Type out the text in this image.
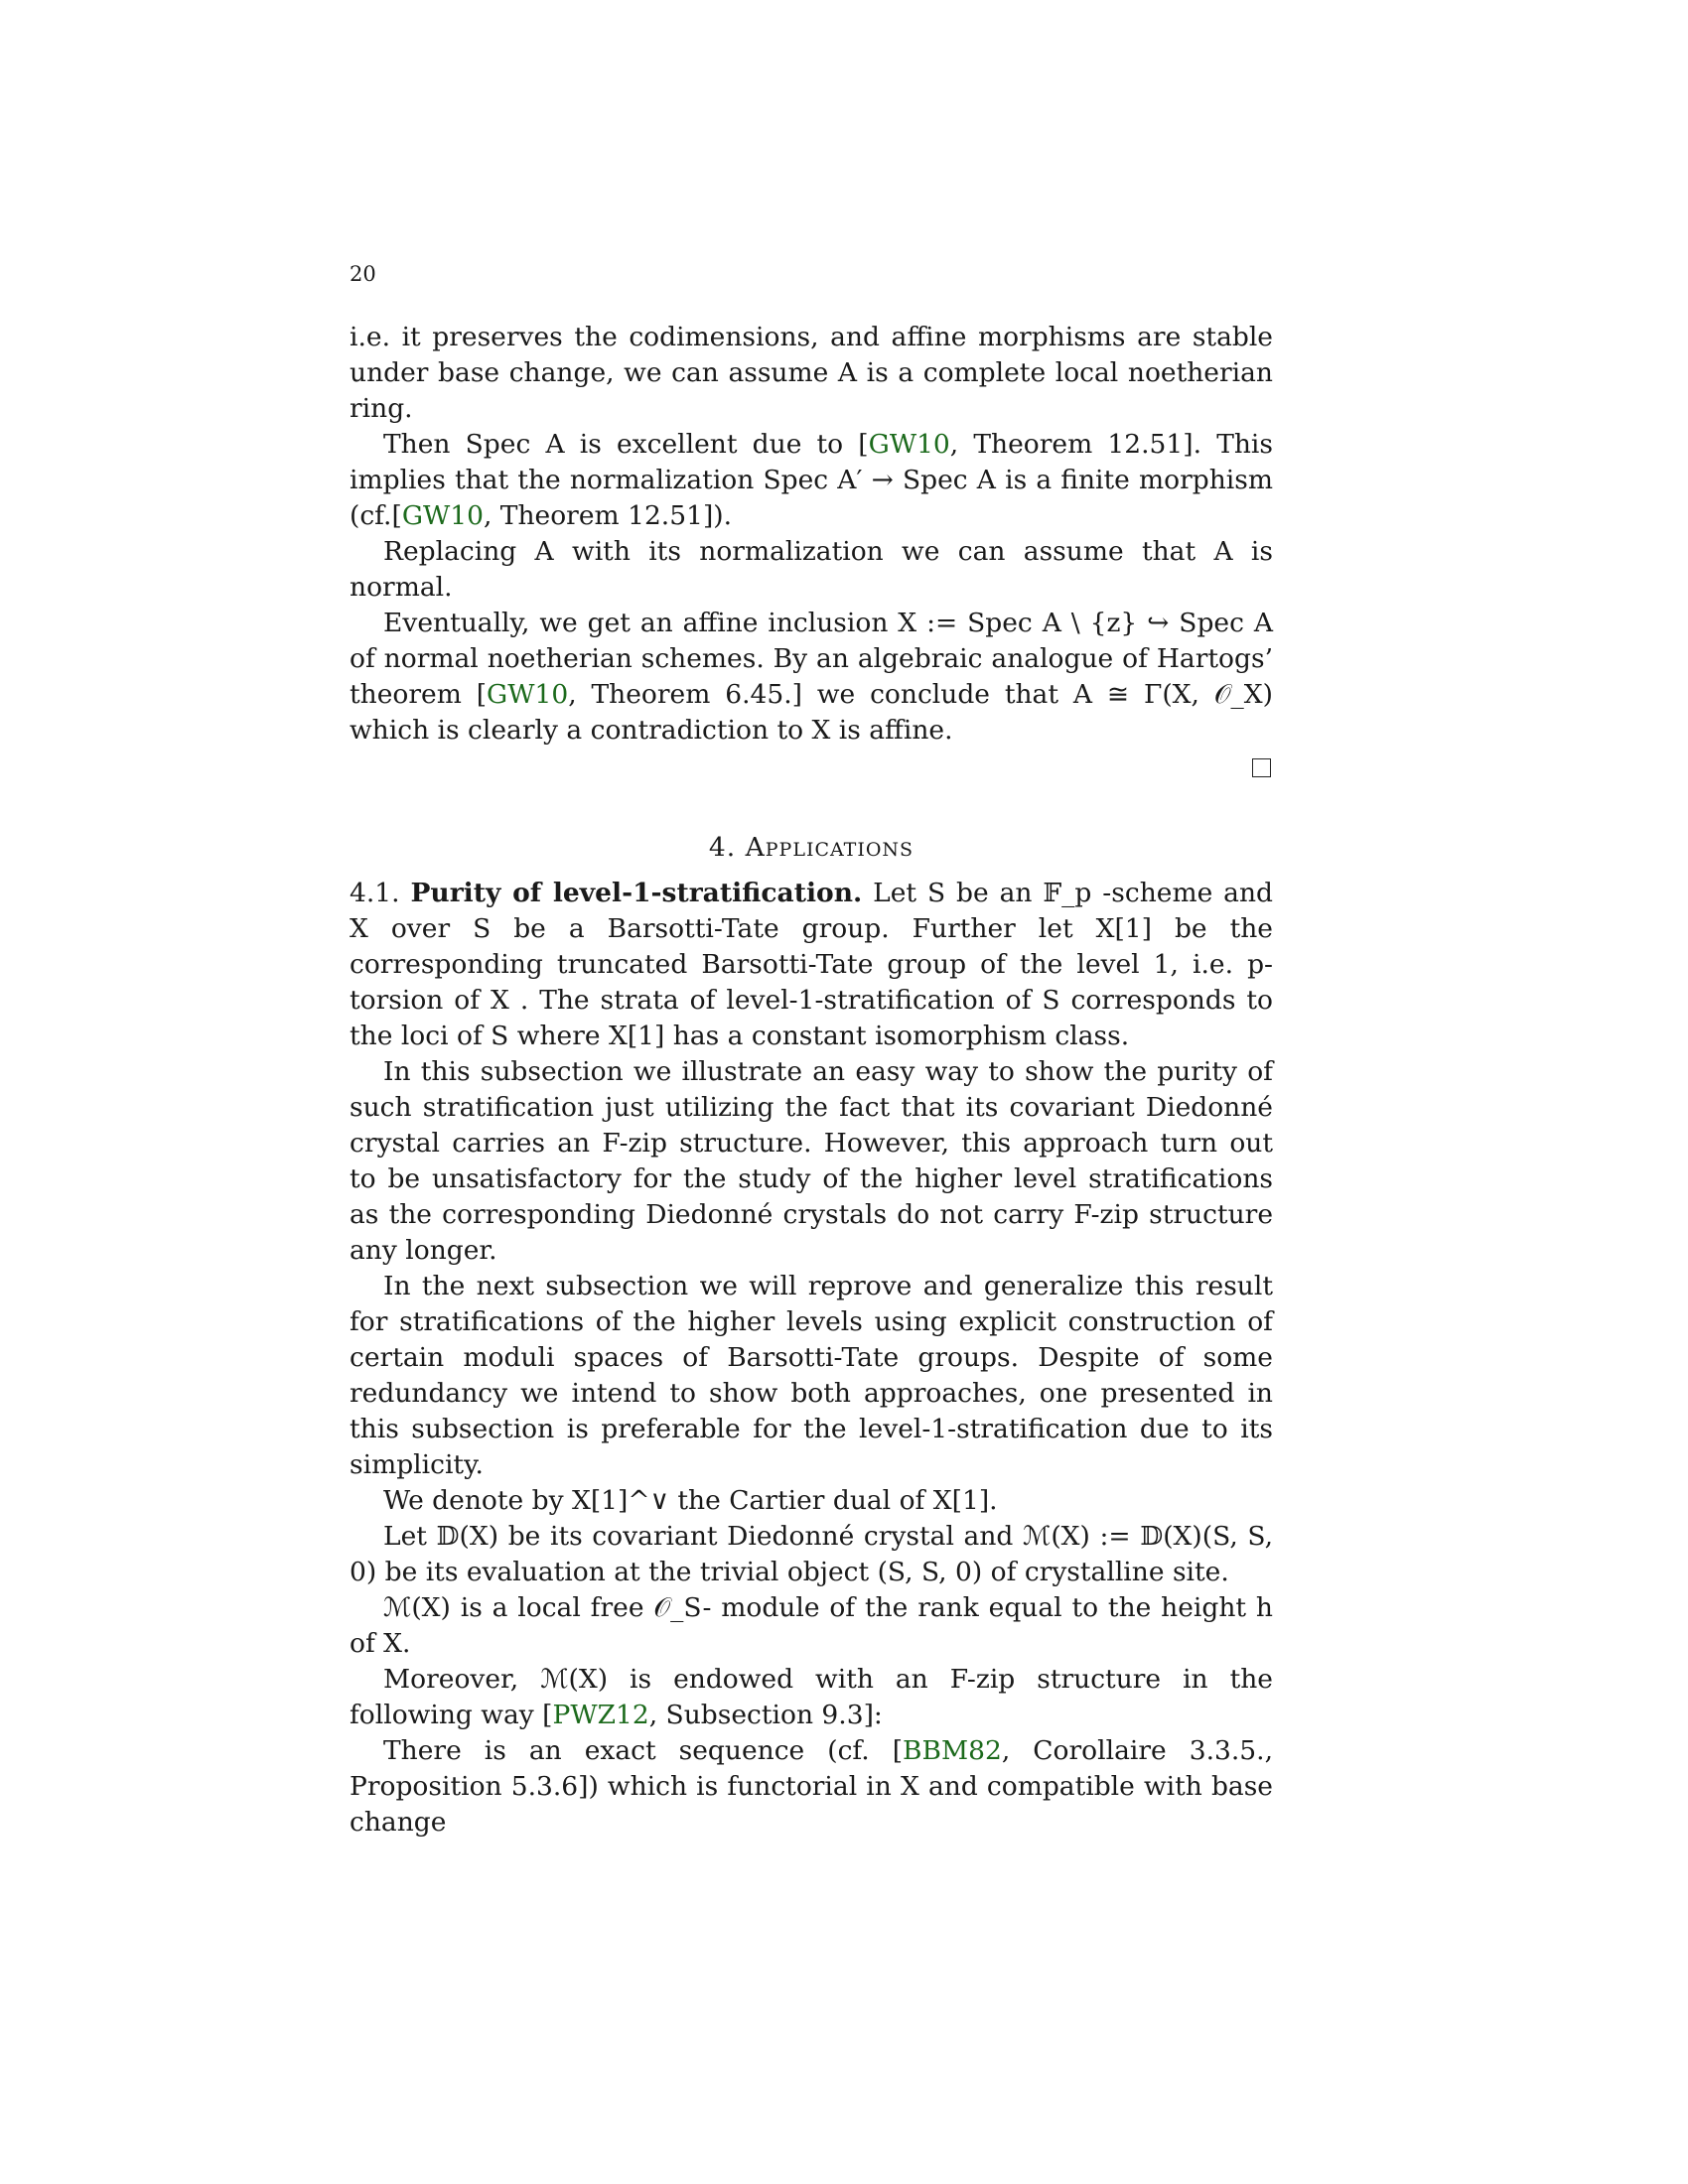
20

i.e. it preserves the codimensions, and affine morphisms are stable under base change, we can assume A is a complete local noetherian ring.

Then Spec A is excellent due to [GW10, Theorem 12.51]. This implies that the normalization Spec A′ → Spec A is a finite morphism (cf.[GW10, Theorem 12.51]).

Replacing A with its normalization we can assume that A is normal.

Eventually, we get an affine inclusion X := Spec A \ {z} ↪ Spec A of normal noetherian schemes. By an algebraic analogue of Hartogs’ theorem [GW10, Theorem 6.45.] we conclude that A ≅ Γ(X, 𝒪_X) which is clearly a contradiction to X is affine.

4. Applications

4.1. Purity of level-1-stratification. Let S be an 𝔽_p -scheme and X over S be a Barsotti-Tate group. Further let X[1] be the corresponding truncated Barsotti-Tate group of the level 1, i.e. p-torsion of X . The strata of level-1-stratification of S corresponds to the loci of S where X[1] has a constant isomorphism class.

In this subsection we illustrate an easy way to show the purity of such stratification just utilizing the fact that its covariant Diedonné crystal carries an F-zip structure. However, this approach turn out to be unsatisfactory for the study of the higher level stratifications as the corresponding Diedonné crystals do not carry F-zip structure any longer.

In the next subsection we will reprove and generalize this result for stratifications of the higher levels using explicit construction of certain moduli spaces of Barsotti-Tate groups. Despite of some redundancy we intend to show both approaches, one presented in this subsection is preferable for the level-1-stratification due to its simplicity.

We denote by X[1]^∨ the Cartier dual of X[1].

Let 𝔻(X) be its covariant Diedonné crystal and ℳ(X) := 𝔻(X)(S, S, 0) be its evaluation at the trivial object (S, S, 0) of crystalline site.

ℳ(X) is a local free 𝒪_S- module of the rank equal to the height h of X.

Moreover, ℳ(X) is endowed with an F-zip structure in the following way [PWZ12, Subsection 9.3]:

There is an exact sequence (cf. [BBM82, Corollaire 3.3.5., Proposition 5.3.6]) which is functorial in X and compatible with base change
